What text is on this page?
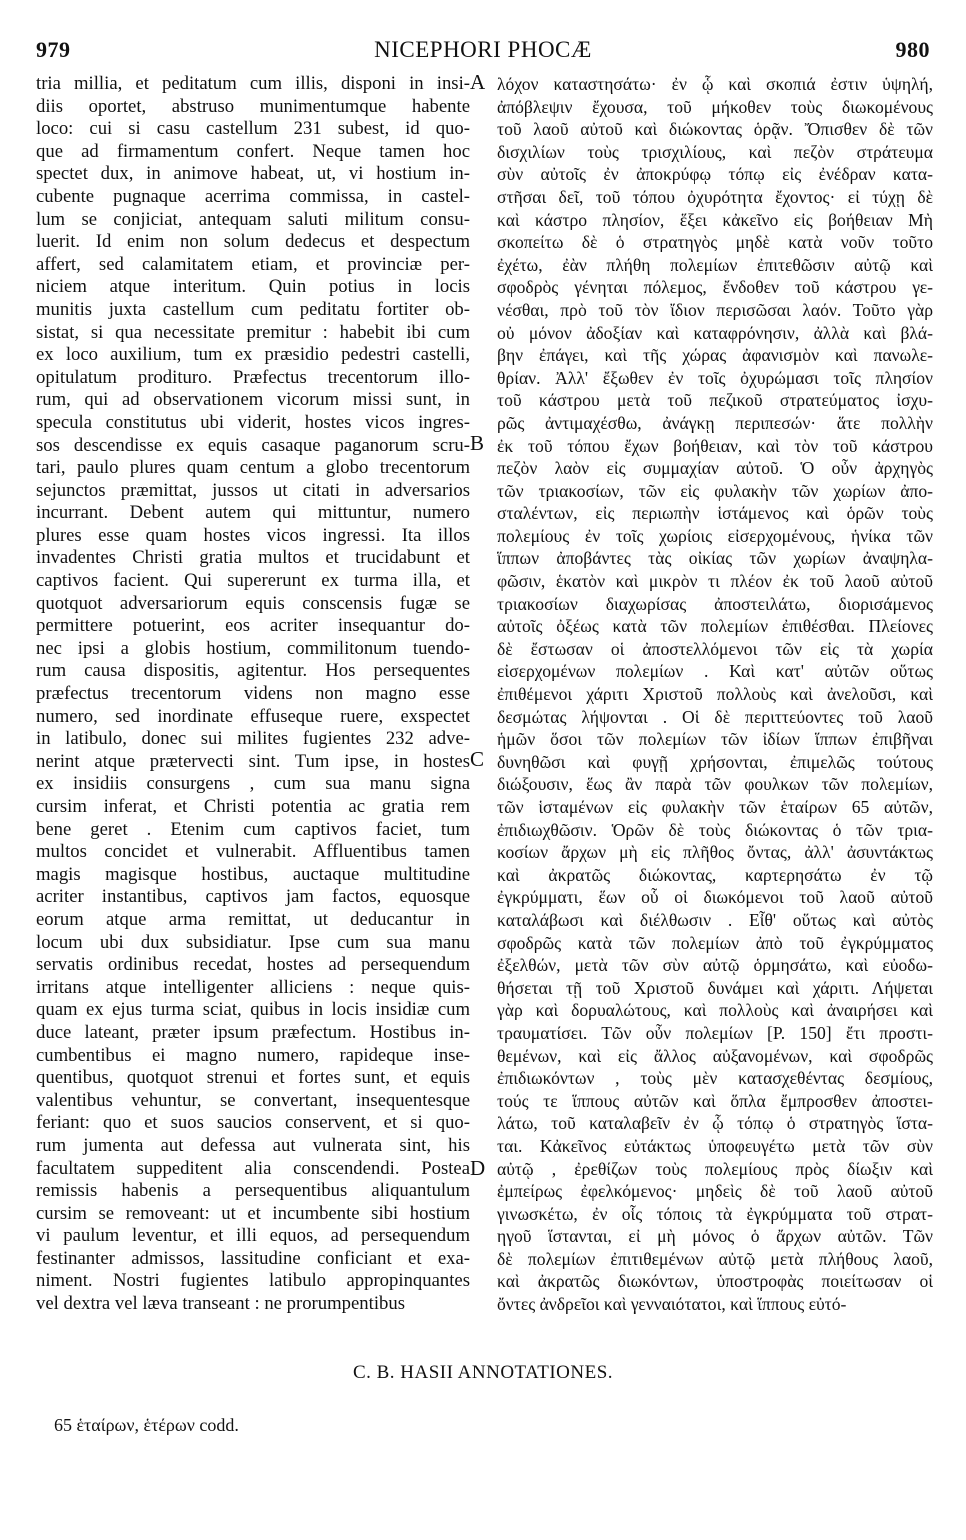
979	NICEPHORI PHOCÆ	980
tria millia, et peditatum cum illis, disponi in insi-
diis oportet, abstruso munimentumque habente
loco: cui si casu castellum 231 subest, id quo-
que ad firmamentum confert. Neque tamen hoc
spectet dux, in animove habeat, ut, vi hostium in-
cubente pugnaque acerrima commissa, in castel-
lum se conjiciat, antequam saluti militum consu-
luerit. Id enim non solum dedecus et despectum
affert, sed calamitatem etiam, et provinciæ per-
niciem atque interitum. Quin potius in locis
munitis juxta castellum cum peditatu fortiter ob-
sistat, si qua necessitate premitur : habebit ibi cum
ex loco auxilium, tum ex præsidio pedestri castelli,
opitulatum prodituro. Præfectus trecentorum illo-
rum, qui ad observationem vicorum missi sunt, in
specula constitutus ubi viderit, hostes vicos ingres-
sos descendisse ex equis casaque paganorum scru-
tari, paulo plures quam centum a globo trecentorum
sejunctos præmittat, jussos ut citati in adversarios
incurrant. Debent autem qui mittuntur, numero
plures esse quam hostes vicos ingressi. Ita illos
invadentes Christi gratia multos et trucidabunt et
captivos facient. Qui supererunt ex turma illa, et
quotquot adversariorum equis conscensis fugæ se
permittere potuerint, eos acriter insequantur do-
nec ipsi a globis hostium, commilitonum tuendo-
rum causa dispositis, agitentur. Hos persequentes
præfectus trecentorum videns non magno esse
numero, sed inordinate effuseque ruere, exspectet
in latibulo, donec sui milites fugientes 232 adve-
nerint atque prætervecti sint. Tum ipse, in hostes
ex insidiis consurgens , cum sua manu signa
cursim inferat, et Christi potentia ac gratia rem
bene geret . Etenim cum captivos faciet, tum
multos concidet et vulnerabit. Affluentibus tamen
magis magisque hostibus, auctaque multitudine
acriter instantibus, captivos jam factos, equosque
eorum atque arma remittat, ut deducantur in
locum ubi dux subsidiatur. Ipse cum sua manu
servatis ordinibus recedat, hostes ad persequendum
irritans atque intelligenter alliciens : neque quis-
quam ex ejus turma sciat, quibus in locis insidiæ cum
duce lateant, præter ipsum præfectum. Hostibus in-
cumbentibus ei magno numero, rapideque inse-
quentibus, quotquot strenui et fortes sunt, et equis
valentibus vehuntur, se convertant, insequentesque
feriant: quo et suos saucios conservent, et si quo-
rum jumenta aut defessa aut vulnerata sint, his
facultatem suppeditent alia conscendendi. Postea
remissis habenis a persequentibus aliquantulum
cursim se removeant: ut et incumbente sibi hostium
vi paulum leventur, et illi equos, ad persequendum
festinanter admissos, lassitudine conficiant et exa-
niment. Nostri fugientes latibulo appropinquantes
vel dextra vel læva transeant : ne prorumpentibus
A
B
C
D
λόχον καταστησάτω· ἐν ᾧ καὶ σκοπιά ἐστιν ὑψηλή,
ἀπόβλεψιν ἔχουσα, τοῦ μήκοθεν τοὺς διωκομένους
τοῦ λαοῦ αὐτοῦ καὶ διώκοντας ὁρᾷν. Ὄπισθεν δὲ τῶν
δισχιλίων τοὺς τρισχιλίους, καὶ πεζὸν στράτευμα
σὺν αὐτοῖς ἐν ἀποκρύφῳ τόπῳ εἰς ἐνέδραν κατα-
στῆσαι δεῖ, τοῦ τόπου ὀχυρότητα ἔχοντος· εἰ τύχῃ δὲ
καὶ κάστρο πλησίον, ἕξει κἀκεῖνο εἰς βοήθειαν Μὴ
σκοπείτω δὲ ὁ στρατηγὸς μηδὲ κατὰ νοῦν τοῦτο
ἐχέτω, ἐὰν πλήθη πολεμίων ἐπιτεθῶσιν αὐτῷ καὶ
σφοδρὸς γένηται πόλεμος, ἔνδοθεν τοῦ κάστρου γε-
νέσθαι, πρὸ τοῦ τὸν ἴδιον περισῶσαι λαόν. Τοῦτο γὰρ
οὐ μόνον ἀδοξίαν καὶ καταφρόνησιν, ἀλλὰ καὶ βλά-
βην ἐπάγει, καὶ τῆς χώρας ἀφανισμὸν καὶ πανωλε-
θρίαν. Ἀλλ' ἔξωθεν ἐν τοῖς ὀχυρώμασι τοῖς πλησίον
τοῦ κάστρου μετὰ τοῦ πεζικοῦ στρατεύματος ἰσχυ-
ρῶς ἀντιμαχέσθω, ἀνάγκῃ περιπεσών· ἅτε πολλὴν
ἐκ τοῦ τόπου ἔχων βοήθειαν, καὶ τὸν τοῦ κάστρου
πεζὸν λαὸν εἰς συμμαχίαν αὐτοῦ. Ὁ οὖν ἀρχηγὸς
τῶν τριακοσίων, τῶν εἰς φυλακὴν τῶν χωρίων ἀπο-
σταλέντων, εἰς περιωπὴν ἱστάμενος καὶ ὁρῶν τοὺς
πολεμίους ἐν τοῖς χωρίοις εἰσερχομένους, ἡνίκα τῶν
ἵππων ἀποβάντες τὰς οἰκίας τῶν χωρίων ἀναψηλα-
φῶσιν, ἑκατὸν καὶ μικρὸν τι πλέον ἐκ τοῦ λαοῦ αὐτοῦ
τριακοσίων διαχωρίσας ἀποστειλάτω, διορισάμενος
αὐτοῖς ὀξέως κατὰ τῶν πολεμίων ἐπιθέσθαι. Πλείονες
δὲ ἔστωσαν οἱ ἀποστελλόμενοι τῶν εἰς τὰ χωρία
εἰσερχομένων πολεμίων . Καὶ κατ' αὐτῶν οὕτως
ἐπιθέμενοι χάριτι Χριστοῦ πολλοὺς καὶ ἀνελοῦσι, καὶ
δεσμώτας λήψονται . Οἱ δὲ περιττεύοντες τοῦ λαοῦ
ἡμῶν ὅσοι τῶν πολεμίων τῶν ἰδίων ἵππων ἐπιβῆναι
δυνηθῶσι καὶ φυγῇ χρήσονται, ἐπιμελῶς τούτους
διώξουσιν, ἕως ἂν παρὰ τῶν φουλκων τῶν πολεμίων,
τῶν ἱσταμένων εἰς φυλακὴν τῶν ἑταίρων 65 αὐτῶν,
ἐπιδιωχθῶσιν. Ὁρῶν δὲ τοὺς διώκοντας ὁ τῶν τρια-
κοσίων ἄρχων μὴ εἰς πλῆθος ὄντας, ἀλλ' ἀσυντάκτως
καὶ ἀκρατῶς διώκοντας, καρτερησάτω ἐν τῷ
ἐγκρύμματι, ἕων οὗ οἱ διωκόμενοι τοῦ λαοῦ αὐτοῦ
καταλάβωσι καὶ διέλθωσιν . Εἶθ' οὕτως καὶ αὐτὸς
σφοδρῶς κατὰ τῶν πολεμίων ἀπὸ τοῦ ἐγκρύμματος
ἐξελθών, μετὰ τῶν σὺν αὐτῷ ὁρμησάτω, καὶ εὐοδω-
θήσεται τῇ τοῦ Χριστοῦ δυνάμει καὶ χάριτι. Λήψεται
γὰρ καὶ δορυαλώτους, καὶ πολλοὺς καὶ ἀναιρήσει καὶ
τραυματίσει. Τῶν οὖν πολεμίων [P. 150] ἔτι προστι-
θεμένων, καὶ εἰς ἄλλος αὐξανομένων, καὶ σφοδρῶς
ἐπιδιωκόντων , τοὺς μὲν κατασχεθέντας δεσμίους,
τούς τε ἵππους αὐτῶν καὶ ὅπλα ἔμπροσθεν ἀποστει-
λάτω, τοῦ καταλαβεῖν ἐν ᾧ τόπῳ ὁ στρατηγὸς ἵστα-
ται. Κἀκεῖνος εὐτάκτως ὑποφευγέτω μετὰ τῶν σὺν
αὐτῷ , ἐρεθίζων τοὺς πολεμίους πρὸς δίωξιν καὶ
ἐμπείρως ἐφελκόμενος· μηδεὶς δὲ τοῦ λαοῦ αὐτοῦ
γινωσκέτω, ἐν οἷς τόποις τὰ ἐγκρύμματα τοῦ στρατ-
ηγοῦ ἵστανται, εἰ μὴ μόνος ὁ ἄρχων αὐτῶν. Τῶν
δὲ πολεμίων ἐπιτιθεμένων αὐτῷ μετὰ πλήθους λαοῦ,
καὶ ἀκρατῶς διωκόντων, ὑποστροφὰς ποιείτωσαν οἱ
ὄντες ἀνδρεῖοι καὶ γενναιότατοι, καὶ ἵππους εὐτό-
C. B. HASII ANNOTATIONES.
65 ἑταίρων, ἑτέρων codd.
